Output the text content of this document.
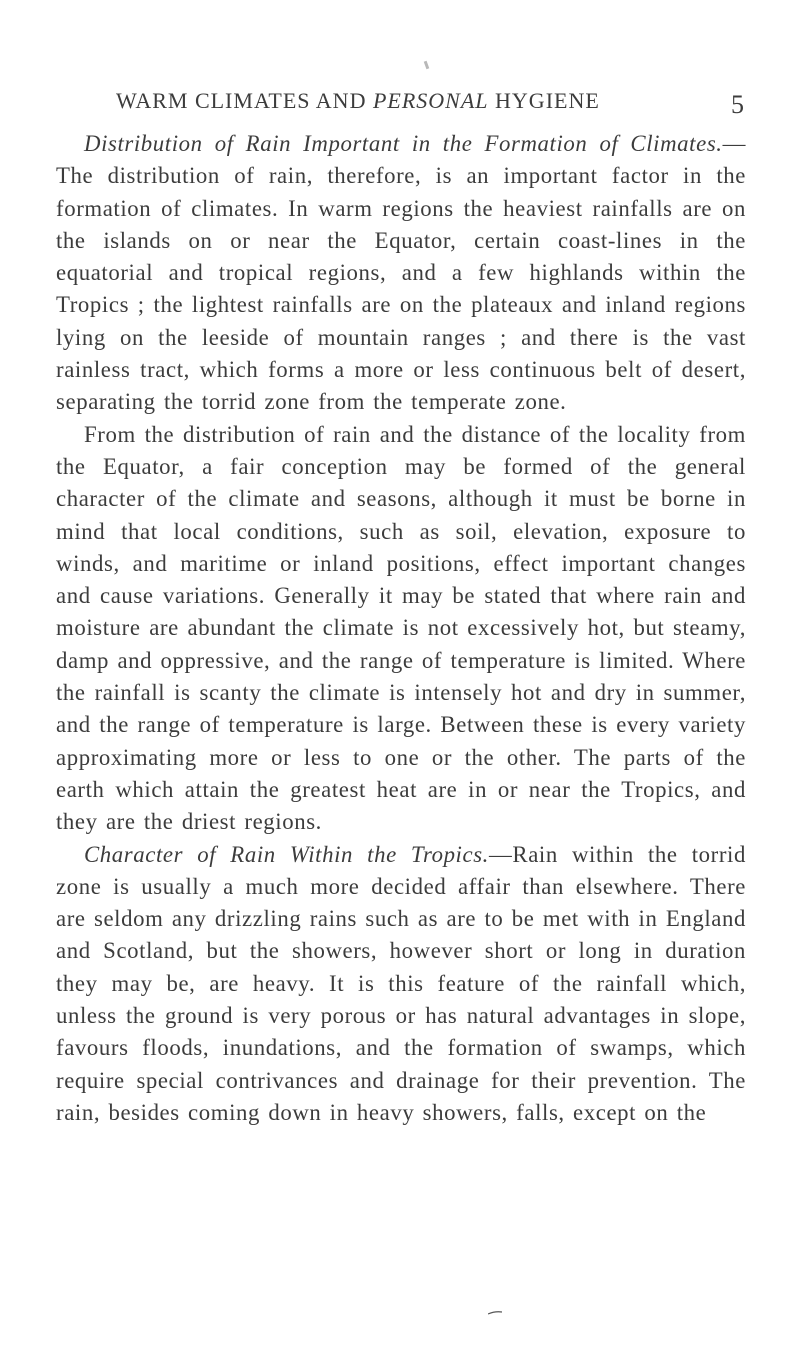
WARM CLIMATES AND PERSONAL HYGIENE	5

Distribution of Rain Important in the Formation of Climates.—The distribution of rain, therefore, is an important factor in the formation of climates. In warm regions the heaviest rainfalls are on the islands on or near the Equator, certain coast-lines in the equatorial and tropical regions, and a few highlands within the Tropics ; the lightest rainfalls are on the plateaux and inland regions lying on the leeside of mountain ranges ; and there is the vast rainless tract, which forms a more or less continuous belt of desert, separating the torrid zone from the temperate zone.

From the distribution of rain and the distance of the locality from the Equator, a fair conception may be formed of the general character of the climate and seasons, although it must be borne in mind that local conditions, such as soil, elevation, exposure to winds, and maritime or inland positions, effect important changes and cause variations. Generally it may be stated that where rain and moisture are abundant the climate is not excessively hot, but steamy, damp and oppressive, and the range of temperature is limited. Where the rainfall is scanty the climate is intensely hot and dry in summer, and the range of temperature is large. Between these is every variety approximating more or less to one or the other. The parts of the earth which attain the greatest heat are in or near the Tropics, and they are the driest regions.

Character of Rain Within the Tropics.—Rain within the torrid zone is usually a much more decided affair than elsewhere. There are seldom any drizzling rains such as are to be met with in England and Scotland, but the showers, however short or long in duration they may be, are heavy. It is this feature of the rainfall which, unless the ground is very porous or has natural advantages in slope, favours floods, inundations, and the formation of swamps, which require special contrivances and drainage for their prevention. The rain, besides coming down in heavy showers, falls, except on the
